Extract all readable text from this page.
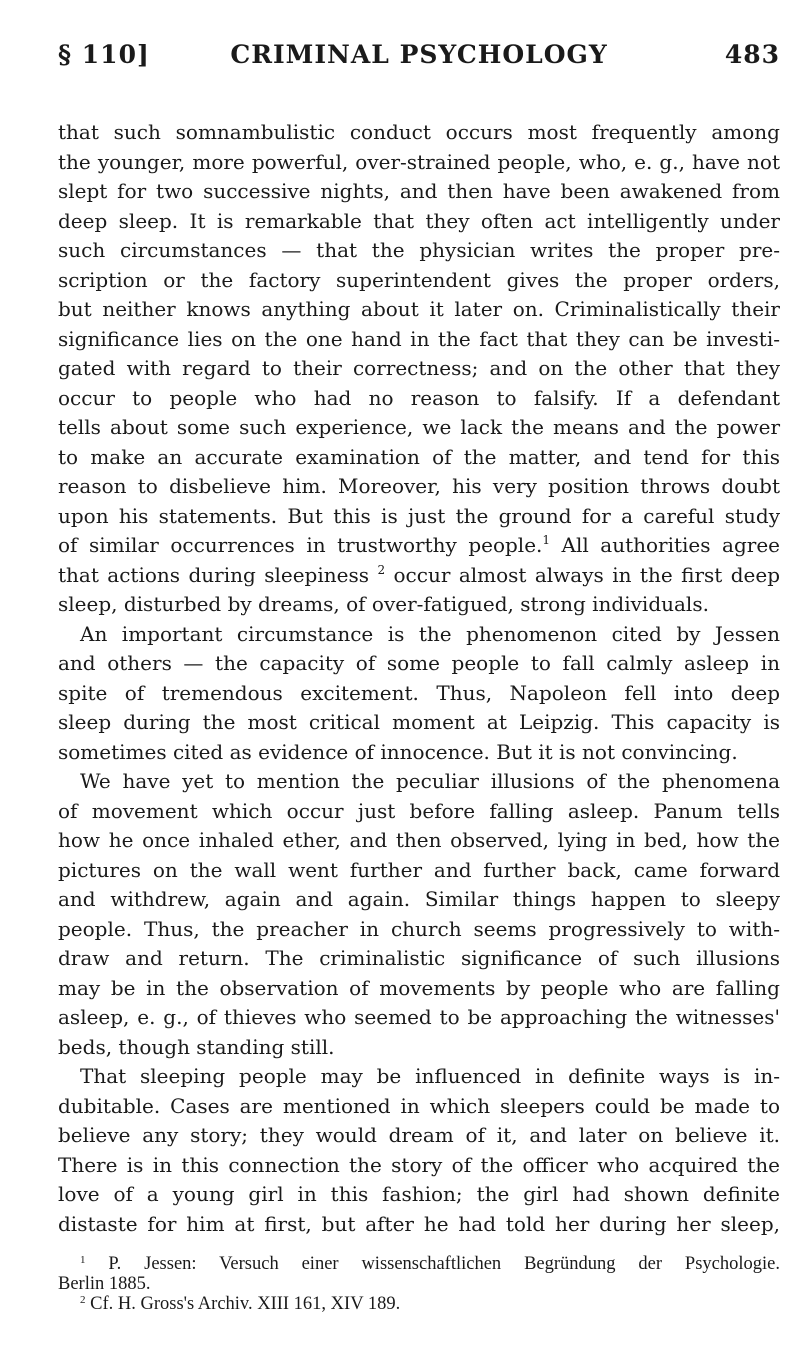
§ 110]	CRIMINAL PSYCHOLOGY	483
that such somnambulistic conduct occurs most frequently among
the younger, more powerful, over-strained people, who, e. g., have not
slept for two successive nights, and then have been awakened from
deep sleep. It is remarkable that they often act intelligently under
such circumstances — that the physician writes the proper pre-
scription or the factory superintendent gives the proper orders,
but neither knows anything about it later on. Criminalistically their
significance lies on the one hand in the fact that they can be investi-
gated with regard to their correctness; and on the other that they
occur to people who had no reason to falsify. If a defendant
tells about some such experience, we lack the means and the power
to make an accurate examination of the matter, and tend for this
reason to disbelieve him. Moreover, his very position throws doubt
upon his statements. But this is just the ground for a careful study
of similar occurrences in trustworthy people.$^1$ All authorities agree
that actions during sleepiness $^2$ occur almost always in the first deep
sleep, disturbed by dreams, of over-fatigued, strong individuals.
An important circumstance is the phenomenon cited by Jessen
and others — the capacity of some people to fall calmly asleep in
spite of tremendous excitement. Thus, Napoleon fell into deep
sleep during the most critical moment at Leipzig. This capacity is
sometimes cited as evidence of innocence. But it is not convincing.
We have yet to mention the peculiar illusions of the phenomena
of movement which occur just before falling asleep. Panum tells
how he once inhaled ether, and then observed, lying in bed, how the
pictures on the wall went further and further back, came forward
and withdrew, again and again. Similar things happen to sleepy
people. Thus, the preacher in church seems progressively to with-
draw and return. The criminalistic significance of such illusions
may be in the observation of movements by people who are falling
asleep, e. g., of thieves who seemed to be approaching the witnesses'
beds, though standing still.
That sleeping people may be influenced in definite ways is in-
dubitable. Cases are mentioned in which sleepers could be made to
believe any story; they would dream of it, and later on believe it.
There is in this connection the story of the officer who acquired the
love of a young girl in this fashion; the girl had shown definite
distaste for him at first, but after he had told her during her sleep,
$^1$ P. Jessen: Versuch einer wissenschaftlichen Begründung der Psychologie.
Berlin 1885.
$^2$ Cf. H. Gross's Archiv. XIII 161, XIV 189.
